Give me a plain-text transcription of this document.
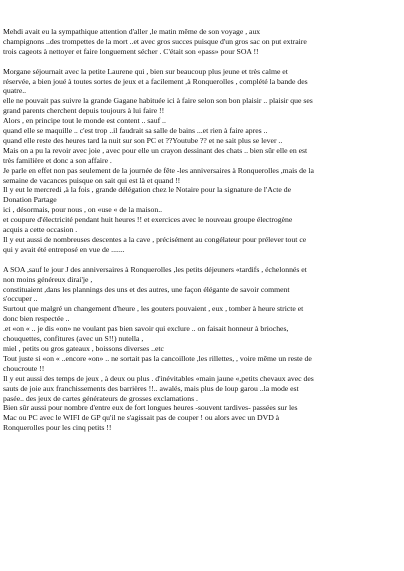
Mehdi avait eu la sympathique attention d'aller ,le matin même de son voyage , aux
champignons ..des trompettes de la mort ..et avec gros succes puisque d'un gros sac on put extraire
trois cageots à nettoyer et faire longuement sécher . C'était son «pass» pour SOA !!

Morgane séjournait avec la petite Laurene qui , bien sur beaucoup plus jeune et très calme et
réservée, a bien joué à toutes sortes de jeux et a facilement ,à Ronquerolles , complété la bande des
quatre..
elle ne pouvait pas suivre la grande Gagane habituée ici à faire selon son bon plaisir .. plaisir que ses
grand parents cherchent depuis toujours à lui faire !!
Alors , en principe tout le monde est content .. sauf ..
quand elle se maquille .. c'est trop ..il faudrait sa salle de bains ...et rien à faire apres ..
quand elle reste des heures tard la nuit sur son PC et ??Youtube ?? et ne sait plus se lever ..
Mais on a pu la revoir avec joie , avec pour elle un crayon dessinant des chats .. bien sûr elle en est
très familière et donc a son affaire .
Je parle en effet non pas seulement de la journée de fête -les anniversaires à Ronquerolles ,mais de la
semaine de vacances puisque on sait qui est là et quand !!
Il y eut le mercredi ,à la fois , grande délégation chez le Notaire pour la signature de l'Acte de
Donation Partage
ici , désormais, pour nous , on «use « de la maison..
et coupure d'électricité pendant huit heures !! et exercices avec le nouveau groupe électrogène
acquis a cette occasion .
Il y eut aussi de nombreuses descentes a la cave , précisément au congélateur pour prélever tout ce
qui y avait été entreposé en vue de .......

A SOA ,sauf le jour J des anniversaires à Ronquerolles ,les petits déjeuners «tardifs , échelonnés et
non moins généreux dirai'je ,
constituaient ,dans les plannings des uns et des autres, une façon élégante de savoir comment
s'occuper ..
Surtout que malgré un changement d'heure , les gouters pouvaient , eux , tomber à heure stricte et
donc bien respectée ..
.et «on « .. je dis «on» ne voulant pas bien savoir qui exclure .. on faisait honneur à brioches,
chouquettes, confitures (avec un S!!) nutella ,
miel , petits ou gros gateaux , boissons diverses ..etc
Tout juste si «on « ..encore «on» .. ne sortait pas la cancoillote ,les rillettes, , voire même un reste de
choucroute !!
Il y eut aussi des temps de jeux , à deux ou plus . d'inévitables «main jaune «,petits chevaux avec des
sauts de joie aux franchissements des barrières !!.. awalés, mais plus de loup garou ..la mode est
pasée.. des jeux de cartes générateurs de grosses exclamations .
Bien sûr aussi pour nombre d'entre eux de fort longues heures -souvent tardives- passées sur les
Mac ou PC avec le WIFI de GP qu'il ne s'agissait pas de couper ! ou alors avec un DVD à
Ronquerolles pour les cinq petits !!
